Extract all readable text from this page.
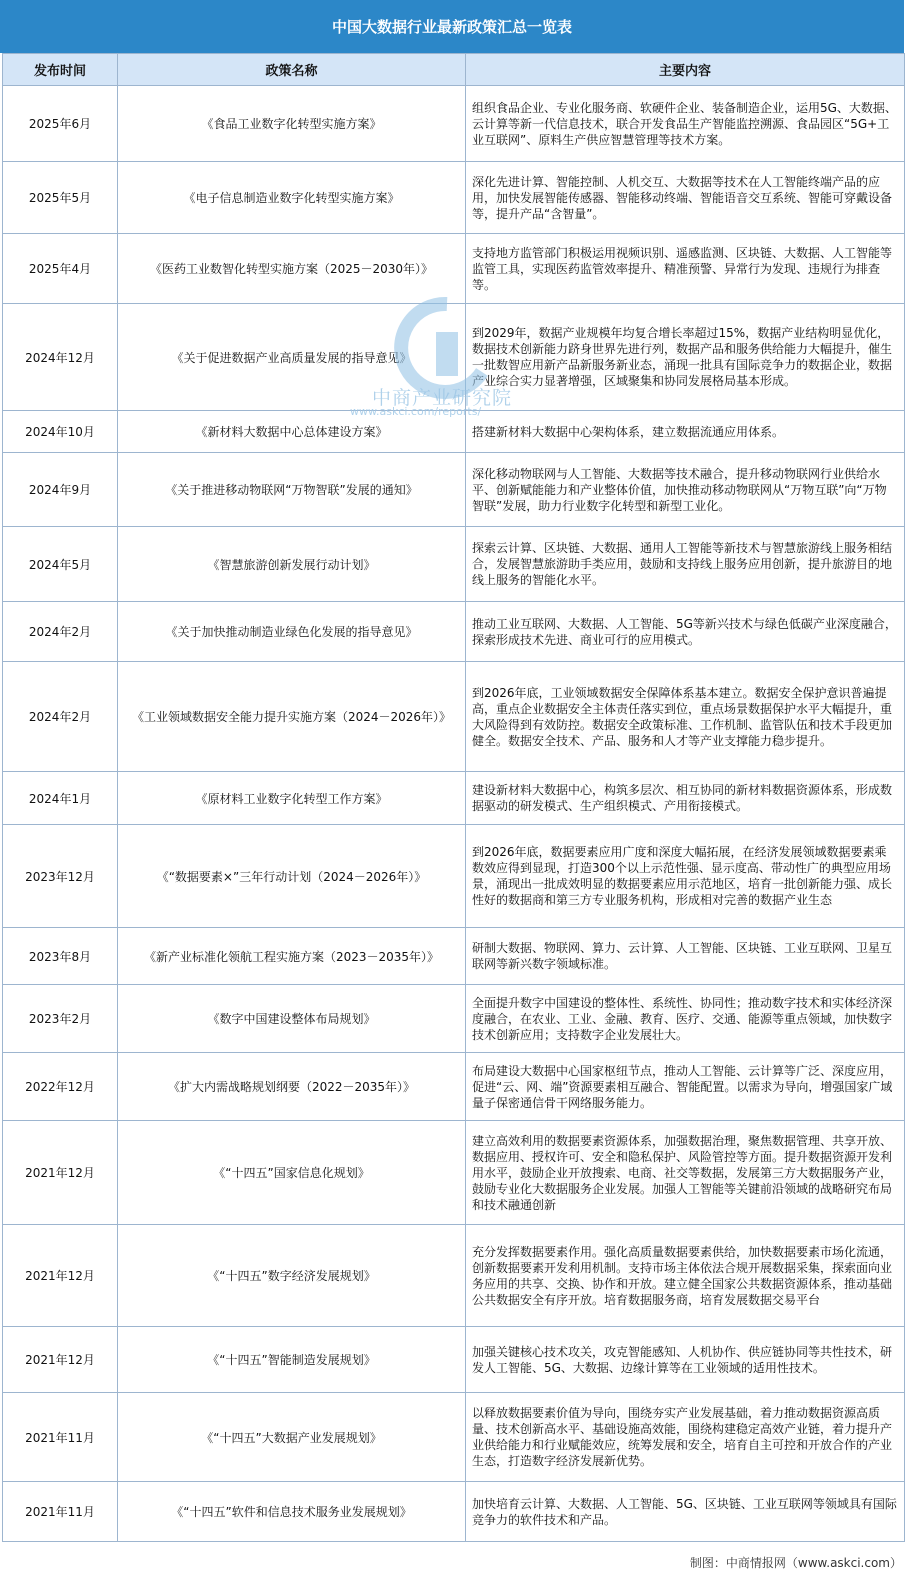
中国大数据行业最新政策汇总一览表
发布时间	政策名称	主要内容
2025年6月	《食品工业数字化转型实施方案》	组织食品企业、专业化服务商、软硬件企业、装备制造企业，运用5G、大数据、云计算等新一代信息技术，联合开发食品生产智能监控溯源、食品园区“5G+工业互联网”、原料生产供应智慧管理等技术方案。
2025年5月	《电子信息制造业数字化转型实施方案》	深化先进计算、智能控制、人机交互、大数据等技术在人工智能终端产品的应用，加快发展智能传感器、智能移动终端、智能语音交互系统、智能可穿戴设备等，提升产品“含智量”。
2025年4月	《医药工业数智化转型实施方案（2025－2030年）》	支持地方监管部门积极运用视频识别、遥感监测、区块链、大数据、人工智能等监管工具，实现医药监管效率提升、精准预警、异常行为发现、违规行为排查等。
2024年12月	《关于促进数据产业高质量发展的指导意见》	到2029年，数据产业规模年均复合增长率超过15%，数据产业结构明显优化，数据技术创新能力跻身世界先进行列，数据产品和服务供给能力大幅提升，催生一批数智应用新产品新服务新业态，涌现一批具有国际竞争力的数据企业，数据产业综合实力显著增强，区域聚集和协同发展格局基本形成。
2024年10月	《新材料大数据中心总体建设方案》	搭建新材料大数据中心架构体系，建立数据流通应用体系。
2024年9月	《关于推进移动物联网“万物智联”发展的通知》	深化移动物联网与人工智能、大数据等技术融合，提升移动物联网行业供给水平、创新赋能能力和产业整体价值，加快推动移动物联网从“万物互联”向“万物智联”发展，助力行业数字化转型和新型工业化。
2024年5月	《智慧旅游创新发展行动计划》	探索云计算、区块链、大数据、通用人工智能等新技术与智慧旅游线上服务相结合，发展智慧旅游助手类应用，鼓励和支持线上服务应用创新，提升旅游目的地线上服务的智能化水平。
2024年2月	《关于加快推动制造业绿色化发展的指导意见》	推动工业互联网、大数据、人工智能、5G等新兴技术与绿色低碳产业深度融合，探索形成技术先进、商业可行的应用模式。
2024年2月	《工业领域数据安全能力提升实施方案（2024－2026年）》	到2026年底，工业领域数据安全保障体系基本建立。数据安全保护意识普遍提高，重点企业数据安全主体责任落实到位，重点场景数据保护水平大幅提升，重大风险得到有效防控。数据安全政策标准、工作机制、监管队伍和技术手段更加健全。数据安全技术、产品、服务和人才等产业支撑能力稳步提升。
2024年1月	《原材料工业数字化转型工作方案》	建设新材料大数据中心，构筑多层次、相互协同的新材料数据资源体系，形成数据驱动的研发模式、生产组织模式、产用衔接模式。
2023年12月	《“数据要素×”三年行动计划（2024－2026年）》	到2026年底，数据要素应用广度和深度大幅拓展，在经济发展领域数据要素乘数效应得到显现，打造300个以上示范性强、显示度高、带动性广的典型应用场景，涌现出一批成效明显的数据要素应用示范地区，培育一批创新能力强、成长性好的数据商和第三方专业服务机构，形成相对完善的数据产业生态
2023年8月	《新产业标准化领航工程实施方案（2023－2035年）》	研制大数据、物联网、算力、云计算、人工智能、区块链、工业互联网、卫星互联网等新兴数字领域标准。
2023年2月	《数字中国建设整体布局规划》	全面提升数字中国建设的整体性、系统性、协同性；推动数字技术和实体经济深度融合，在农业、工业、金融、教育、医疗、交通、能源等重点领域，加快数字技术创新应用；支持数字企业发展壮大。
2022年12月	《扩大内需战略规划纲要（2022－2035年）》	布局建设大数据中心国家枢纽节点，推动人工智能、云计算等广泛、深度应用，促进“云、网、端”资源要素相互融合、智能配置。以需求为导向，增强国家广域量子保密通信骨干网络服务能力。
2021年12月	《“十四五”国家信息化规划》	建立高效利用的数据要素资源体系，加强数据治理，聚焦数据管理、共享开放、数据应用、授权许可、安全和隐私保护、风险管控等方面。提升数据资源开发利用水平，鼓励企业开放搜索、电商、社交等数据，发展第三方大数据服务产业，鼓励专业化大数据服务企业发展。加强人工智能等关键前沿领域的战略研究布局和技术融通创新
2021年12月	《“十四五”数字经济发展规划》	充分发挥数据要素作用。强化高质量数据要素供给，加快数据要素市场化流通，创新数据要素开发利用机制。支持市场主体依法合规开展数据采集，探索面向业务应用的共享、交换、协作和开放。建立健全国家公共数据资源体系，推动基础公共数据安全有序开放。培育数据服务商，培育发展数据交易平台
2021年12月	《“十四五”智能制造发展规划》	加强关键核心技术攻关，攻克智能感知、人机协作、供应链协同等共性技术，研发人工智能、5G、大数据、边缘计算等在工业领域的适用性技术。
2021年11月	《“十四五”大数据产业发展规划》	以释放数据要素价值为导向，围绕夯实产业发展基础，着力推动数据资源高质量、技术创新高水平、基础设施高效能，围绕构建稳定高效产业链，着力提升产业供给能力和行业赋能效应，统筹发展和安全，培育自主可控和开放合作的产业生态，打造数字经济发展新优势。
2021年11月	《“十四五”软件和信息技术服务业发展规划》	加快培育云计算、大数据、人工智能、5G、区块链、工业互联网等领域具有国际竞争力的软件技术和产品。
中商产业研究院
www.askci.com/reports/
制图：中商情报网（www.askci.com）
